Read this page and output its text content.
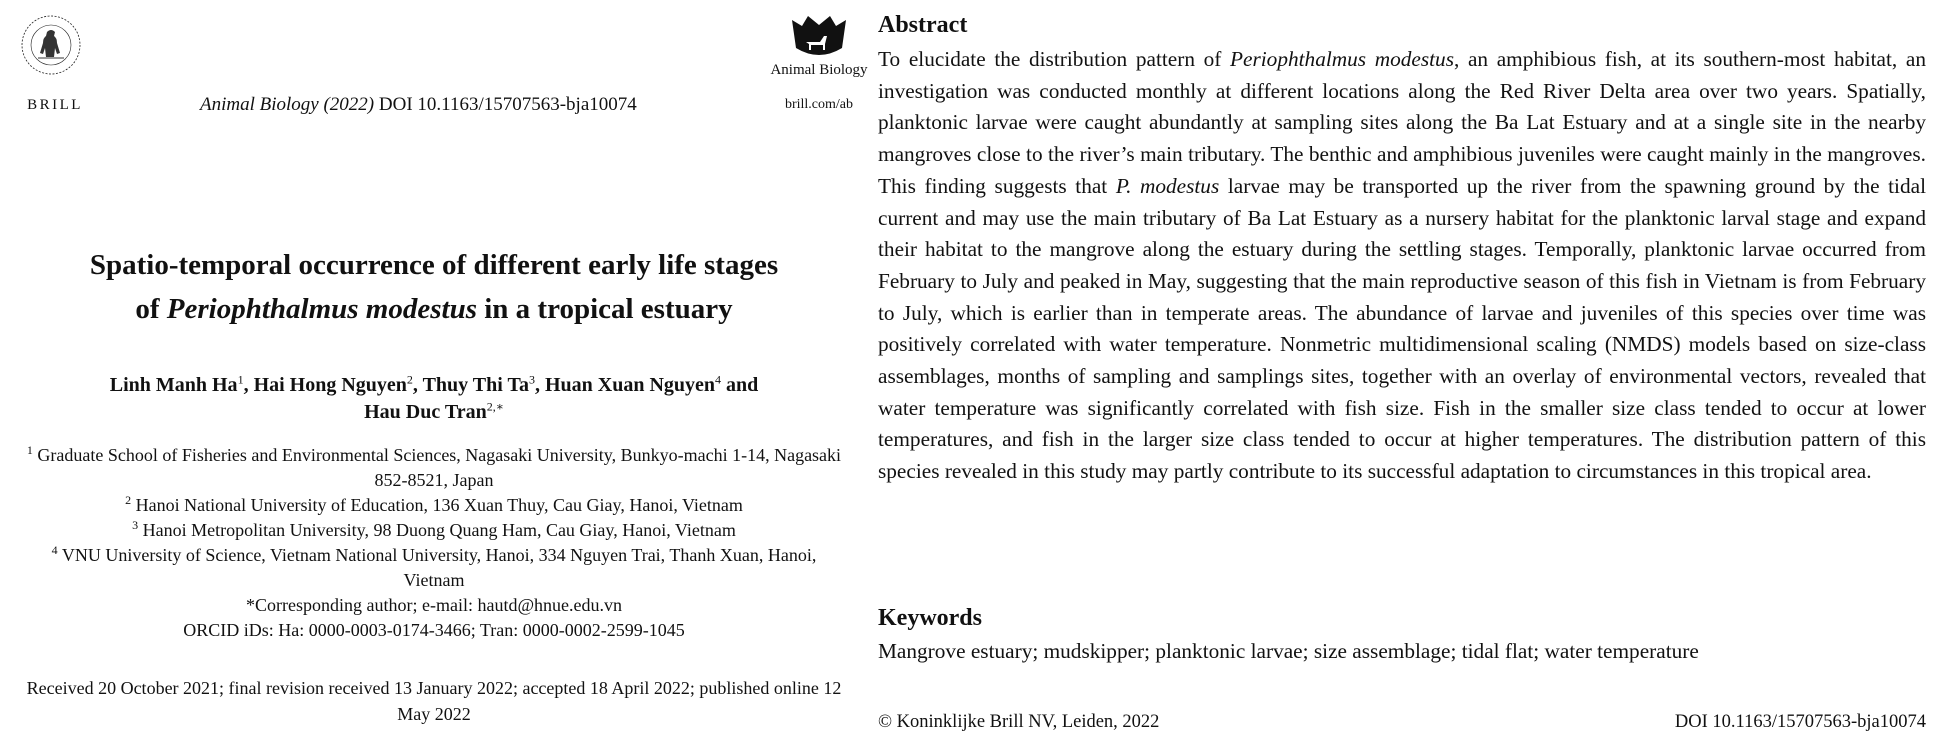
BRILL	Animal Biology (2022) DOI 10.1163/15707563-bja10074
Animal Biology
brill.com/ab
Spatio-temporal occurrence of different early life stages
of Periophthalmus modestus in a tropical estuary
Linh Manh Ha$^1$, Hai Hong Nguyen$^2$, Thuy Thi Ta$^3$, Huan Xuan Nguyen$^4$ and
Hau Duc Tran$^{2,∗}$
$^1$ Graduate School of Fisheries and Environmental Sciences, Nagasaki University, Bunkyo-machi 1-14, Nagasaki 852-8521, Japan
$^2$ Hanoi National University of Education, 136 Xuan Thuy, Cau Giay, Hanoi, Vietnam
$^3$ Hanoi Metropolitan University, 98 Duong Quang Ham, Cau Giay, Hanoi, Vietnam
$^4$ VNU University of Science, Vietnam National University, Hanoi, 334 Nguyen Trai, Thanh Xuan, Hanoi, Vietnam
*Corresponding author; e-mail: hautd@hnue.edu.vn
ORCID iDs: Ha: 0000-0003-0174-3466; Tran: 0000-0002-2599-1045
Received 20 October 2021; final revision received 13 January 2022; accepted 18 April 2022; published online 12 May 2022
Abstract
To elucidate the distribution pattern of Periophthalmus modestus, an amphibious fish, at its southern-most habitat, an investigation was conducted monthly at different locations along the Red River Delta area over two years. Spatially, planktonic larvae were caught abundantly at sampling sites along the Ba Lat Estuary and at a single site in the nearby mangroves close to the river’s main tributary. The benthic and amphibious juveniles were caught mainly in the mangroves. This finding suggests that P. modestus larvae may be transported up the river from the spawning ground by the tidal current and may use the main tributary of Ba Lat Estuary as a nursery habitat for the planktonic larval stage and expand their habitat to the mangrove along the estuary during the settling stages. Temporally, planktonic larvae occurred from February to July and peaked in May, suggesting that the main reproductive season of this fish in Vietnam is from February to July, which is earlier than in temperate areas. The abundance of larvae and juveniles of this species over time was positively correlated with water temperature. Nonmetric multidimensional scaling (NMDS) models based on size-class assemblages, months of sampling and samplings sites, together with an overlay of environmental vectors, revealed that water temperature was significantly correlated with fish size. Fish in the smaller size class tended to occur at lower temperatures, and fish in the larger size class tended to occur at higher temperatures. The distribution pattern of this species revealed in this study may partly contribute to its successful adaptation to circumstances in this tropical area.
Keywords
Mangrove estuary; mudskipper; planktonic larvae; size assemblage; tidal flat; water temperature
© Koninklijke Brill NV, Leiden, 2022	DOI 10.1163/15707563-bja10074
